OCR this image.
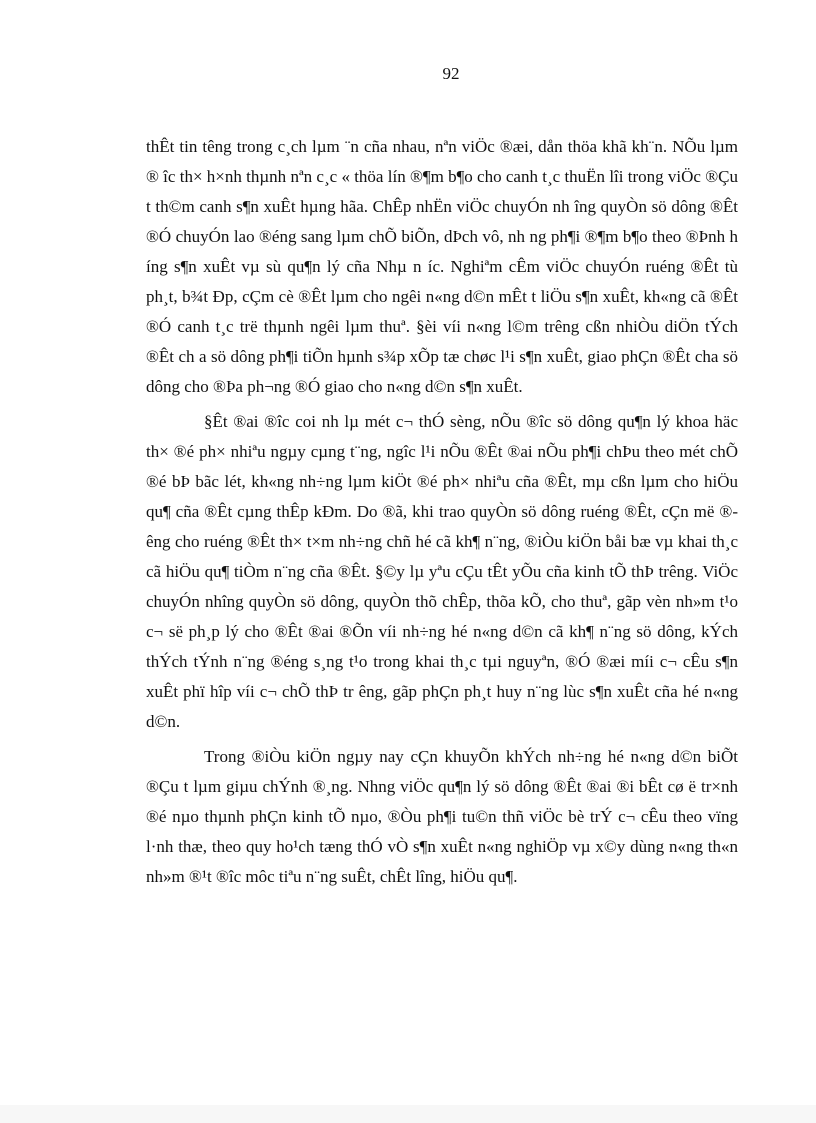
92

thÊt tin têng trong c¸ch lµm ¨n cña nhau, nªn viÖc ®æi, dån thöa khã kh¨n. NÕu lµm ® îc th× h×nh thµnh nªn c¸c « thöa lín ®¶m b¶o cho canh t¸c thuËn lîi trong viÖc ®Çu t th©m canh s¶n xuÊt hµng hãa. ChÊp nhËn viÖc chuyÓn nh îng quyÒn sö dông ®Êt ®Ó chuyÓn lao ®éng sang lµm chÕ biÕn, dÞch vô, nh ng ph¶i ®¶m b¶o theo ®Þnh h íng s¶n xuÊt vµ sù qu¶n lý cña Nhµ n íc. Nghiªm cÊm viÖc chuyÓn ruéng ®Êt tù ph¸t, b¾t Ðp, cÇm cè ®Êt lµm cho ngêi n«ng d©n mÊt t liÖu s¶n xuÊt, kh«ng cã ®Êt ®Ó canh t¸c trë thµnh ngêi lµm thuª. §èi víi n«ng l©m trêng cßn nhiÒu diÖn tÝch ®Êt ch a sö dông ph¶i tiÕn hµnh s¾p xÕp tæ chøc l¹i s¶n xuÊt, giao phÇn ®Êt cha sö dông cho ®Þa ph¬ng ®Ó giao cho n«ng d©n s¶n xuÊt.

§Êt ®ai ®îc coi nh lµ mét c¬ thÓ sèng, nÕu ®îc sö dông qu¶n lý khoa häc th× ®é ph× nhiªu ngµy cµng t¨ng, ngîc l¹i nÕu ®Êt ®ai nÕu ph¶i chÞu theo mét chÕ ®é bÞ bãc lét, kh«ng nh÷ng lµm kiÖt ®é ph× nhiªu cña ®Êt, mµ cßn lµm cho hiÖu qu¶ cña ®Êt cµng thÊp kÐm. Do ®ã, khi trao quyÒn sö dông ruéng ®Êt, cÇn më ®êng cho ruéng ®Êt th× t×m nh÷ng chñ hé cã kh¶ n¨ng, ®iÒu kiÖn båi bæ vµ khai th¸c cã hiÖu qu¶ tiÒm n¨ng cña ®Êt. §©y lµ yªu cÇu tÊt yÕu cña kinh tÕ thÞ trêng. ViÖc chuyÓn nhîng quyÒn sö dông, quyÒn thõ chÊp, thõa kÕ, cho thuª, gãp vèn nh»m t¹o c¬ së ph¸p lý cho ®Êt ®ai ®Õn víi nh÷ng hé n«ng d©n cã kh¶ n¨ng sö dông, kÝch thÝch tÝnh n¨ng ®éng s¸ng t¹o trong khai th¸c tµi nguyªn, ®Ó ®æi míi c¬ cÊu s¶n xuÊt phï hîp víi c¬ chÕ thÞ tr êng, gãp phÇn ph¸t huy n¨ng lùc s¶n xuÊt cña hé n«ng d©n.

Trong ®iÒu kiÖn ngµy nay cÇn khuyÕn khÝch nh÷ng hé n«ng d©n biÕt ®Çu t lµm giµu chÝnh ®¸ng. Nhng viÖc qu¶n lý sö dông ®Êt ®ai ®i bÊt cø ë tr×nh ®é nµo thµnh phÇn kinh tÕ nµo, ®Òu ph¶i tu©n thñ viÖc bè trÝ c¬ cÊu theo vïng l·nh thæ, theo quy ho¹ch tæng thÓ vÒ s¶n xuÊt n«ng nghiÖp vµ x©y dùng n«ng th«n nh»m ®¹t ®îc môc tiªu n¨ng suÊt, chÊt lîng, hiÖu qu¶.
